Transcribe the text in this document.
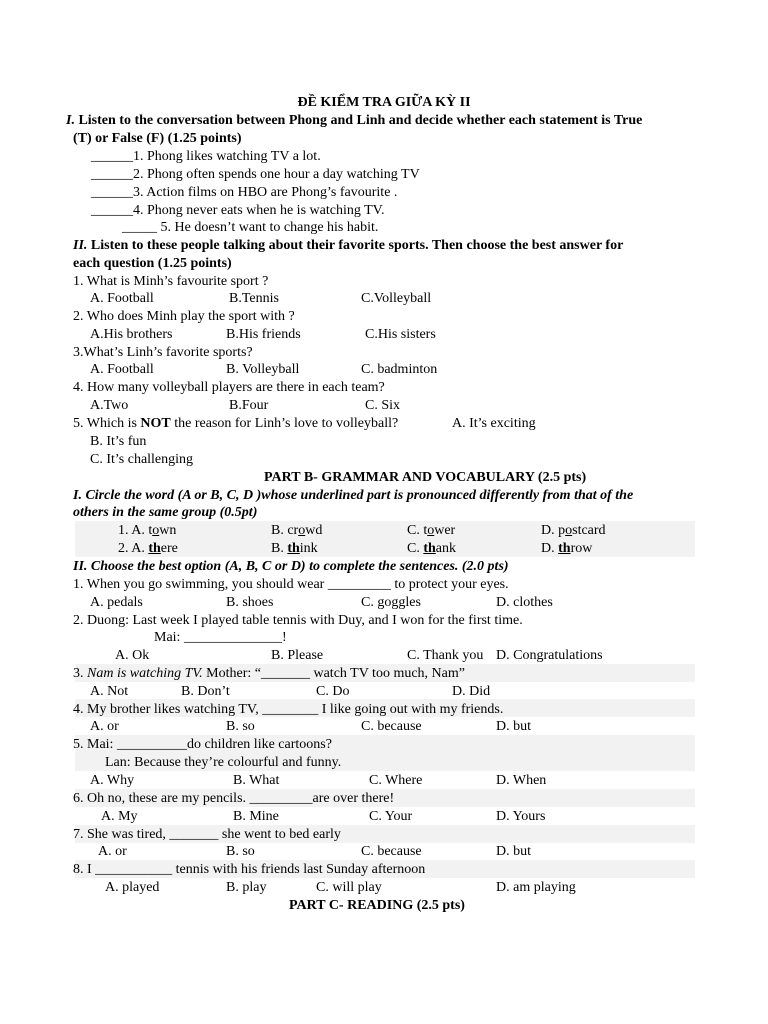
ĐỀ KIỂM TRA GIỮA KỲ II
I. Listen to the conversation between Phong and Linh and decide whether each statement is True
(T) or False (F) (1.25 points)
______1. Phong likes watching TV a lot.
______2. Phong often spends one hour a day watching TV
______3. Action films on HBO are Phong’s favourite .
______4. Phong never eats when he is watching TV.
_____ 5. He doesn’t want to change his habit.
II. Listen to these people talking about their favorite sports. Then choose the best answer for
each question (1.25 points)
1. What is Minh’s favourite sport ?
A. Football	B.Tennis	C.Volleyball
2. Who does Minh play the sport with ?
A.His brothers	B.His friends	C.His sisters
3.What’s Linh’s favorite sports?
A. Football	B. Volleyball	C. badminton
4. How many volleyball players are there in each team?
A.Two	B.Four	C. Six
5. Which is NOT the reason for Linh’s love to volleyball?	A. It’s exciting
B. It’s fun
C. It’s challenging
PART B- GRAMMAR AND VOCABULARY (2.5 pts)
I. Circle the word (A or B, C, D )whose underlined part is pronounced differently from that of the
others in the same group (0.5pt)
1. A. town	B. crowd	C. tower	D. postcard
2. A. there	B. think	C. thank	D. throw
II. Choose the best option (A, B, C or D) to complete the sentences. (2.0 pts)
1. When you go swimming, you should wear _________ to protect your eyes.
A. pedals	B. shoes	C. goggles	D. clothes
2. Duong: Last week I played table tennis with Duy, and I won for the first time.
Mai: ______________!
A. Ok	B. Please	C. Thank you D. Congratulations
3. Nam is watching TV. Mother: “_______ watch TV too much, Nam”
A. Not	B. Don’t	C. Do	D. Did
4. My brother likes watching TV, ________ I like going out with my friends.
A. or	B. so	C. because	D. but
5. Mai: __________do children like cartoons?
Lan: Because they’re colourful and funny.
A. Why	B. What	C. Where	D. When
6. Oh no, these are my pencils. _________are over there!
A. My	B. Mine	C. Your	D. Yours
7. She was tired, _______ she went to bed early
A. or	B. so	C. because	D. but
8. I ___________ tennis with his friends last Sunday afternoon
A. played	B. play	C. will play	D. am playing
PART C- READING (2.5 pts)
